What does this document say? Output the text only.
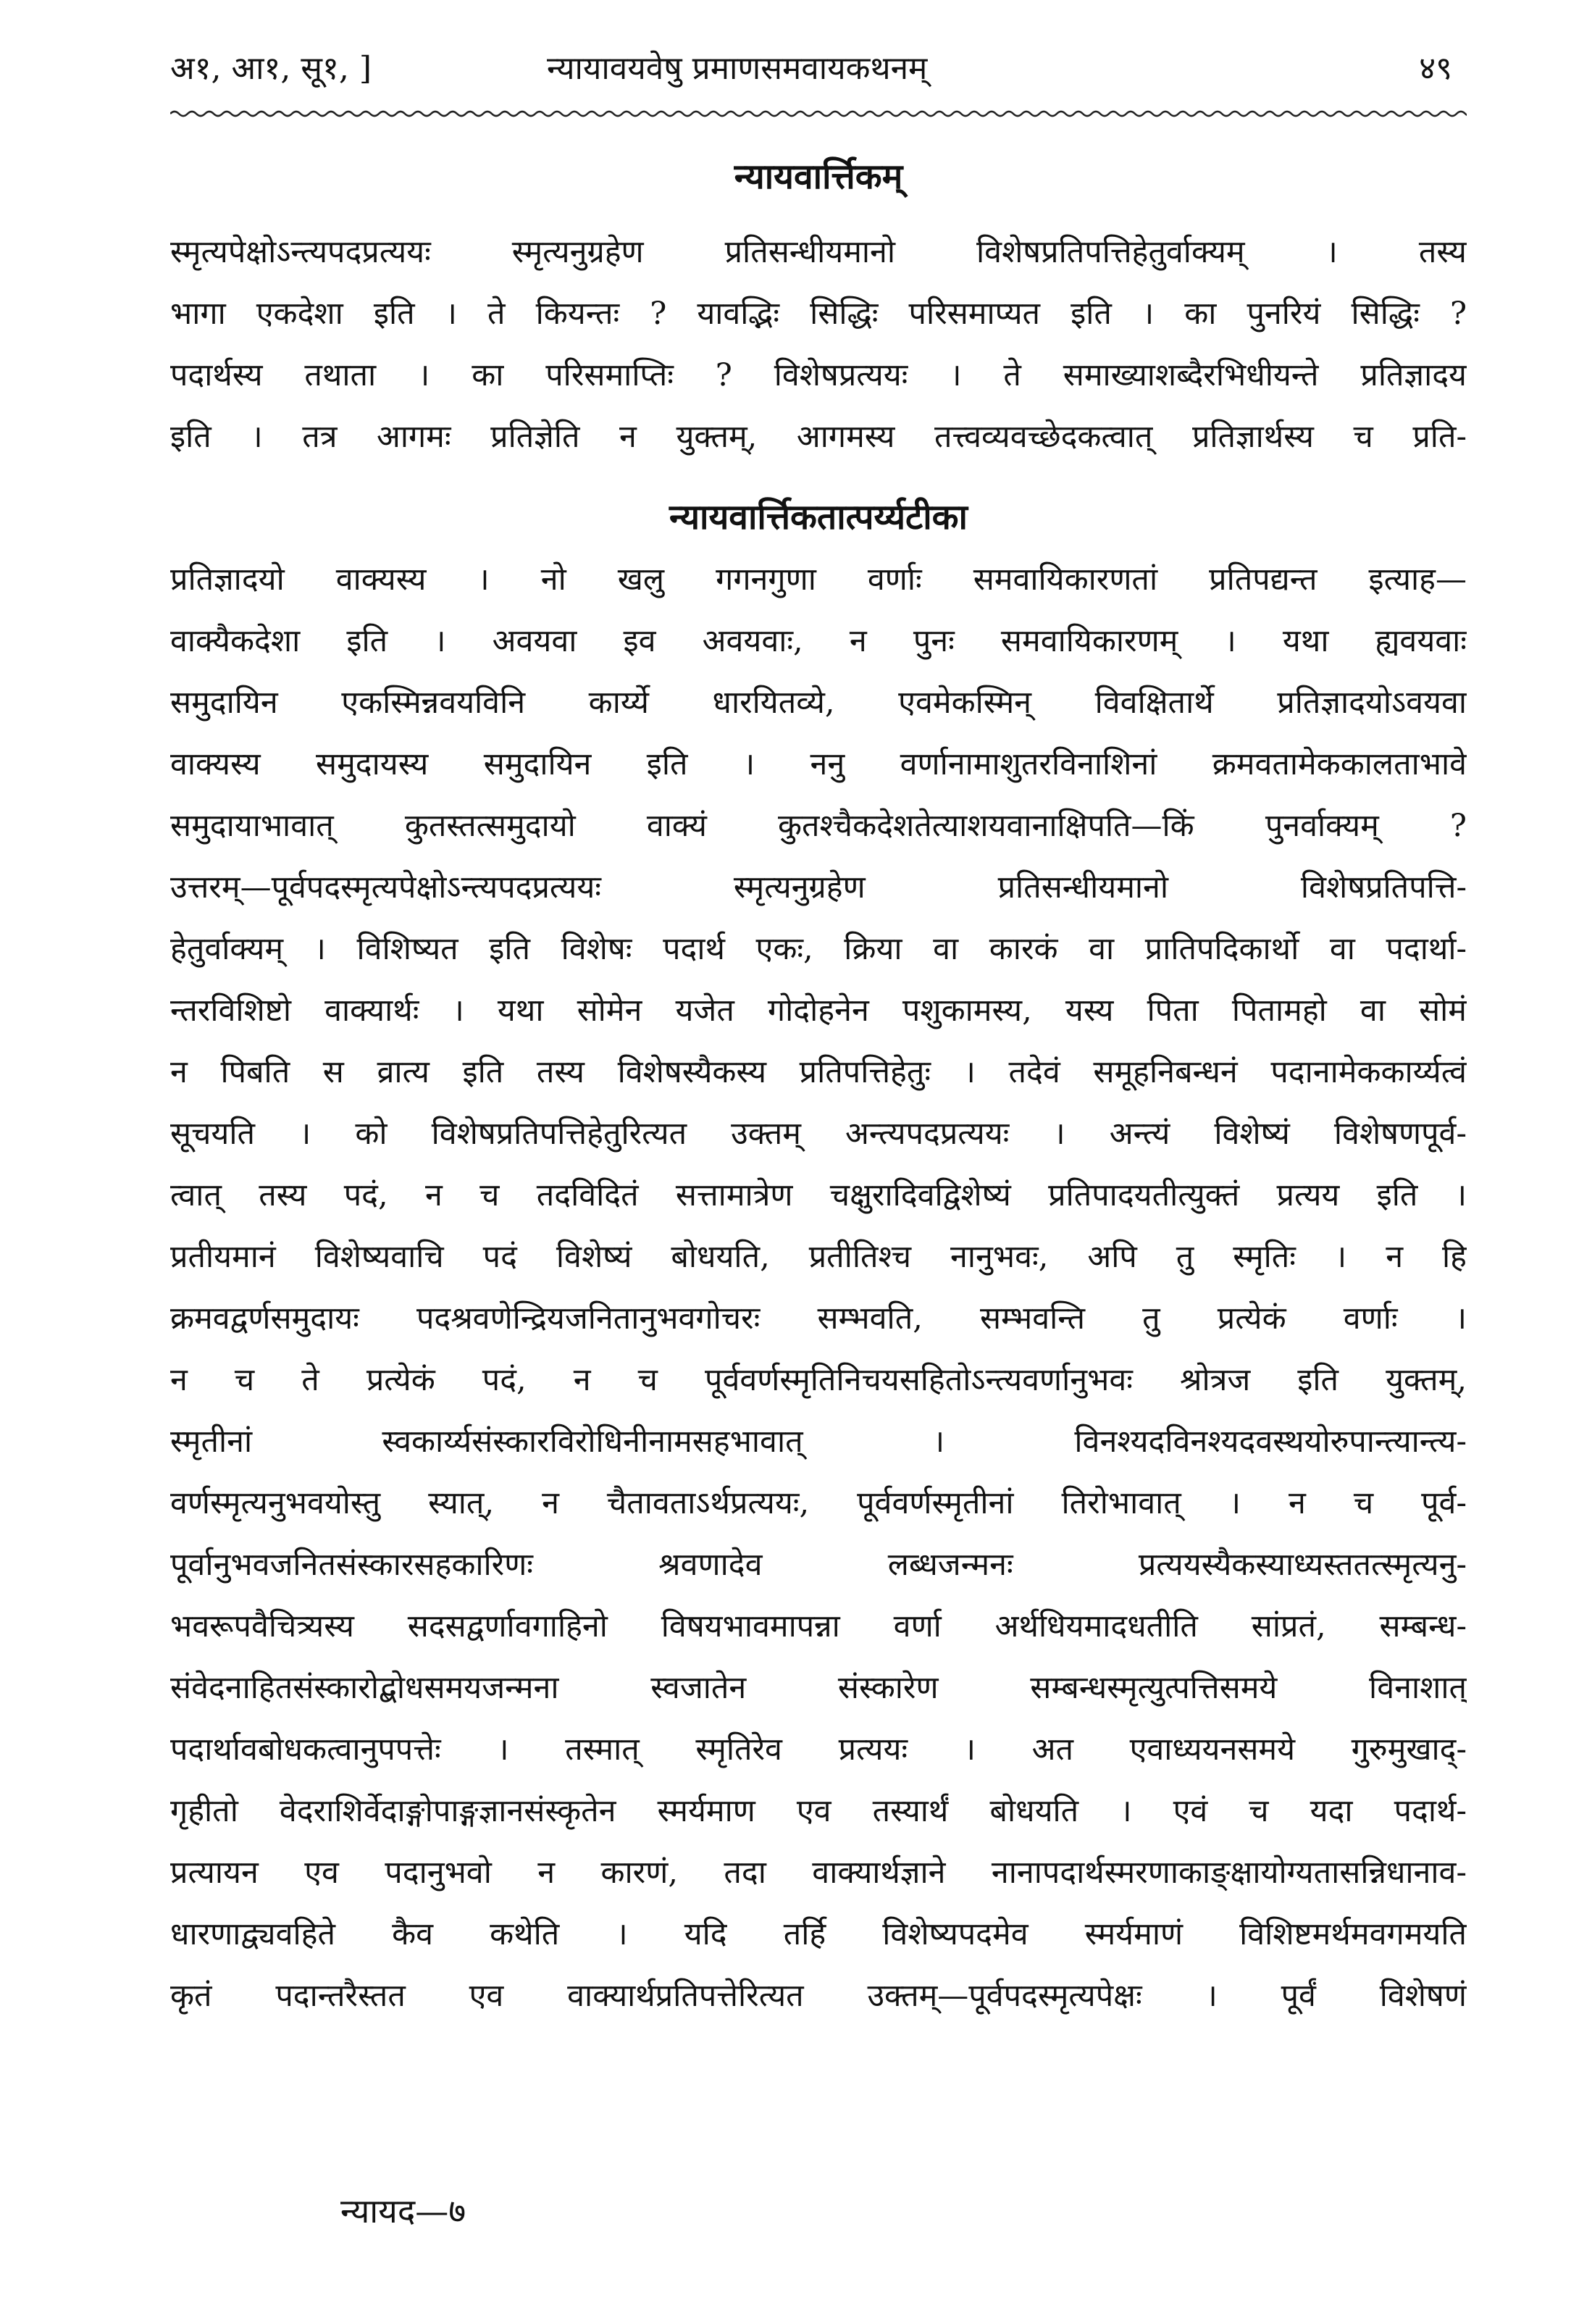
अ१, आ१, सू१, ]	न्यायावयवेषु प्रमाणसमवायकथनम्	४९
न्यायवार्त्तिकम्
स्मृत्यपेक्षोऽन्त्यपदप्रत्ययः स्मृत्यनुग्रहेण प्रतिसन्धीयमानो विशेषप्रतिपत्तिहेतुर्वाक्यम् । तस्य
भागा एकदेशा इति । ते कियन्तः ? यावद्भिः सिद्धिः परिसमाप्यत इति । का पुनरियं सिद्धिः ?
पदार्थस्य तथाता । का परिसमाप्तिः ? विशेषप्रत्ययः । ते समाख्याशब्दैरभिधीयन्ते प्रतिज्ञादय
इति । तत्र आगमः प्रतिज्ञेति न युक्तम्, आगमस्य तत्त्वव्यवच्छेदकत्वात् प्रतिज्ञार्थस्य च प्रति-
न्यायवार्त्तिकतात्पर्य्यटीका
प्रतिज्ञादयो वाक्यस्य । नो खलु गगनगुणा वर्णाः समवायिकारणतां प्रतिपद्यन्त इत्याह—
वाक्यैकदेशा इति । अवयवा इव अवयवाः, न पुनः समवायिकारणम् । यथा ह्यवयवाः
समुदायिन एकस्मिन्नवयविनि कार्य्ये धारयितव्ये, एवमेकस्मिन् विवक्षितार्थे प्रतिज्ञादयोऽवयवा
वाक्यस्य समुदायस्य समुदायिन इति । ननु वर्णानामाशुतरविनाशिनां क्रमवतामेककालताभावे
समुदायाभावात् कुतस्तत्समुदायो वाक्यं कुतश्चैकदेशतेत्याशयवानाक्षिपति—किं पुनर्वाक्यम् ?
उत्तरम्—पूर्वपदस्मृत्यपेक्षोऽन्त्यपदप्रत्ययः स्मृत्यनुग्रहेण प्रतिसन्धीयमानो विशेषप्रतिपत्ति-
हेतुर्वाक्यम् । विशिष्यत इति विशेषः पदार्थ एकः, क्रिया वा कारकं वा प्रातिपदिकार्थो वा पदार्था-
न्तरविशिष्टो वाक्यार्थः । यथा सोमेन यजेत गोदोहनेन पशुकामस्य, यस्य पिता पितामहो वा सोमं
न पिबति स व्रात्य इति तस्य विशेषस्यैकस्य प्रतिपत्तिहेतुः । तदेवं समूहनिबन्धनं पदानामेककार्य्यत्वं
सूचयति । को विशेषप्रतिपत्तिहेतुरित्यत उक्तम् अन्त्यपदप्रत्ययः । अन्त्यं विशेष्यं विशेषणपूर्व-
त्वात् तस्य पदं, न च तदविदितं सत्तामात्रेण चक्षुरादिवद्विशेष्यं प्रतिपादयतीत्युक्तं प्रत्यय इति ।
प्रतीयमानं विशेष्यवाचि पदं विशेष्यं बोधयति, प्रतीतिश्च नानुभवः, अपि तु स्मृतिः । न हि
क्रमवद्वर्णसमुदायः पदश्रवणेन्द्रियजनितानुभवगोचरः सम्भवति, सम्भवन्ति तु प्रत्येकं वर्णाः ।
न च ते प्रत्येकं पदं, न च पूर्ववर्णस्मृतिनिचयसहितोऽन्त्यवर्णानुभवः श्रोत्रज इति युक्तम्,
स्मृतीनां स्वकार्य्यसंस्कारविरोधिनीनामसहभावात् । विनश्यदविनश्यदवस्थयोरुपान्त्यान्त्य-
वर्णस्मृत्यनुभवयोस्तु स्यात्, न चैतावताऽर्थप्रत्ययः, पूर्ववर्णस्मृतीनां तिरोभावात् । न च पूर्व-
पूर्वानुभवजनितसंस्कारसहकारिणः श्रवणादेव लब्धजन्मनः प्रत्ययस्यैकस्याध्यस्ततत्स्मृत्यनु-
भवरूपवैचित्र्यस्य सदसद्वर्णावगाहिनो विषयभावमापन्ना वर्णा अर्थधियमादधतीति सांप्रतं, सम्बन्ध-
संवेदनाहितसंस्कारोद्बोधसमयजन्मना स्वजातेन संस्कारेण सम्बन्धस्मृत्युत्पत्तिसमये विनाशात्
पदार्थावबोधकत्वानुपपत्तेः । तस्मात् स्मृतिरेव प्रत्ययः । अत एवाध्ययनसमये गुरुमुखाद्-
गृहीतो वेदराशिर्वेदाङ्गोपाङ्गज्ञानसंस्कृतेन स्मर्यमाण एव तस्यार्थं बोधयति । एवं च यदा पदार्थ-
प्रत्यायन एव पदानुभवो न कारणं, तदा वाक्यार्थज्ञाने नानापदार्थस्मरणाकाङ्क्षायोग्यतासन्निधानाव-
धारणाद्व्यवहिते कैव कथेति । यदि तर्हि विशेष्यपदमेव स्मर्यमाणं विशिष्टमर्थमवगमयति
कृतं पदान्तरैस्तत एव वाक्यार्थप्रतिपत्तेरित्यत उक्तम्—पूर्वपदस्मृत्यपेक्षः । पूर्वं विशेषणं
न्यायद—७
